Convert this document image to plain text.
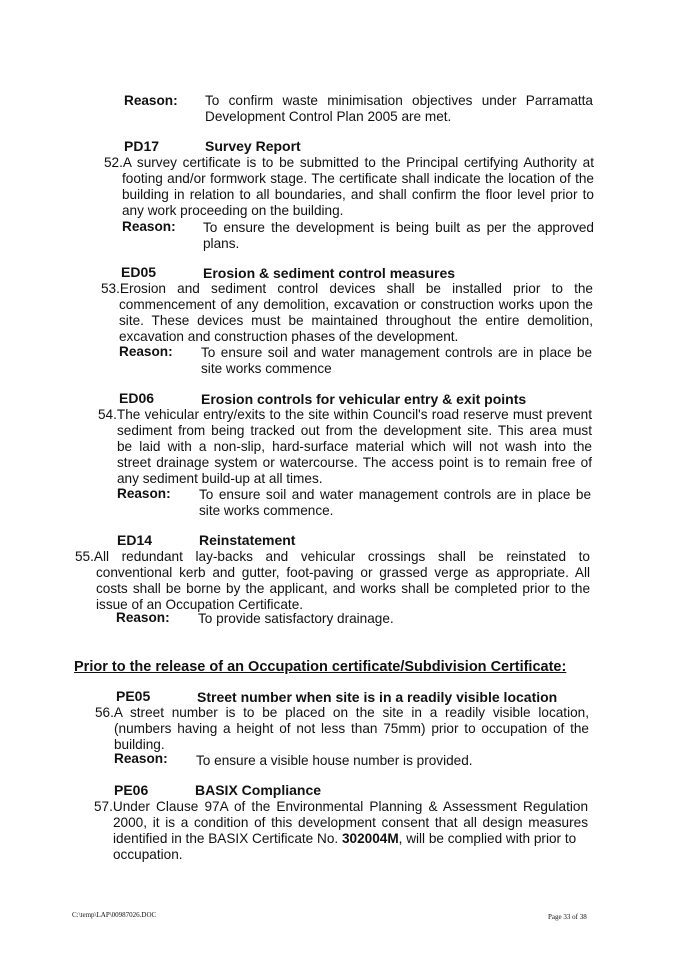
Reason: To confirm waste minimisation objectives under Parramatta
Development Control Plan 2005 are met.
PD17	Survey Report
52.A survey certificate is to be submitted to the Principal certifying Authority at
footing and/or formwork stage. The certificate shall indicate the location of the
building in relation to all boundaries, and shall confirm the floor level prior to
any work proceeding on the building.
Reason: To ensure the development is being built as per the approved
plans.
ED05	Erosion & sediment control measures
53.Erosion and sediment control devices shall be installed prior to the
commencement of any demolition, excavation or construction works upon the
site. These devices must be maintained throughout the entire demolition,
excavation and construction phases of the development.
Reason: To ensure soil and water management controls are in place be
site works commence
ED06	Erosion controls for vehicular entry & exit points
54.The vehicular entry/exits to the site within Council's road reserve must prevent
sediment from being tracked out from the development site. This area must
be laid with a non-slip, hard-surface material which will not wash into the
street drainage system or watercourse. The access point is to remain free of
any sediment build-up at all times.
Reason: To ensure soil and water management controls are in place be
site works commence.
ED14	Reinstatement
55.All redundant lay-backs and vehicular crossings shall be reinstated to
conventional kerb and gutter, foot-paving or grassed verge as appropriate. All
costs shall be borne by the applicant, and works shall be completed prior to the
issue of an Occupation Certificate.
Reason: To provide satisfactory drainage.
Prior to the release of an Occupation certificate/Subdivision Certificate:
PE05	Street number when site is in a readily visible location
56.A street number is to be placed on the site in a readily visible location,
(numbers having a height of not less than 75mm) prior to occupation of the
building.
Reason: To ensure a visible house number is provided.
PE06	BASIX Compliance
57.Under Clause 97A of the Environmental Planning & Assessment Regulation
2000, it is a condition of this development consent that all design measures
identified in the BASIX Certificate No. 302004M, will be complied with prior to
occupation.
C:\temp\LAP\00987026.DOC	Page 33 of 38
